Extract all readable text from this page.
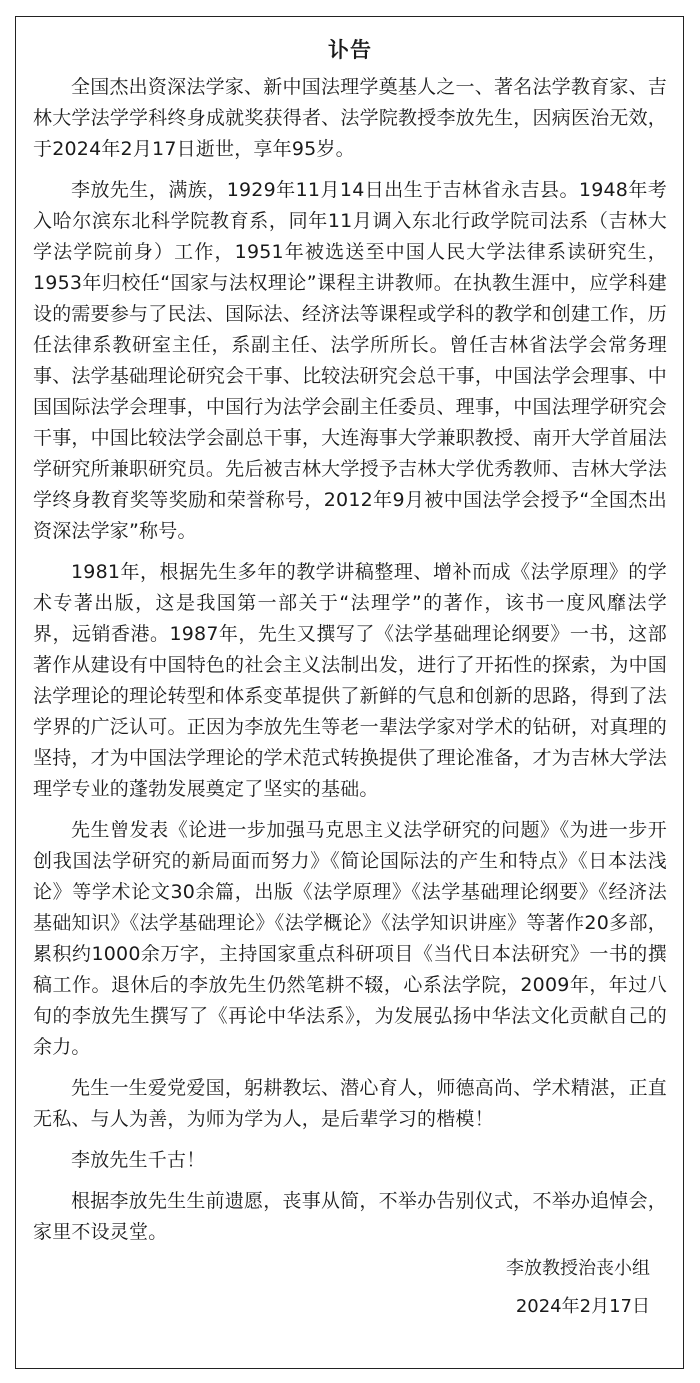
讣告

全国杰出资深法学家、新中国法理学奠基人之一、著名法学教育家、吉林大学法学学科终身成就奖获得者、法学院教授李放先生，因病医治无效，于2024年2月17日逝世，享年95岁。

李放先生，满族，1929年11月14日出生于吉林省永吉县。1948年考入哈尔滨东北科学院教育系，同年11月调入东北行政学院司法系（吉林大学法学院前身）工作，1951年被选送至中国人民大学法律系读研究生，1953年归校任“国家与法权理论”课程主讲教师。在执教生涯中，应学科建设的需要参与了民法、国际法、经济法等课程或学科的教学和创建工作，历任法律系教研室主任，系副主任、法学所所长。曾任吉林省法学会常务理事、法学基础理论研究会干事、比较法研究会总干事，中国法学会理事、中国国际法学会理事，中国行为法学会副主任委员、理事，中国法理学研究会干事，中国比较法学会副总干事，大连海事大学兼职教授、南开大学首届法学研究所兼职研究员。先后被吉林大学授予吉林大学优秀教师、吉林大学法学终身教育奖等奖励和荣誉称号，2012年9月被中国法学会授予“全国杰出资深法学家”称号。

1981年，根据先生多年的教学讲稿整理、增补而成《法学原理》的学术专著出版，这是我国第一部关于“法理学”的著作，该书一度风靡法学界，远销香港。1987年，先生又撰写了《法学基础理论纲要》一书，这部著作从建设有中国特色的社会主义法制出发，进行了开拓性的探索，为中国法学理论的理论转型和体系变革提供了新鲜的气息和创新的思路，得到了法学界的广泛认可。正因为李放先生等老一辈法学家对学术的钻研，对真理的坚持，才为中国法学理论的学术范式转换提供了理论准备，才为吉林大学法理学专业的蓬勃发展奠定了坚实的基础。

先生曾发表《论进一步加强马克思主义法学研究的问题》《为进一步开创我国法学研究的新局面而努力》《简论国际法的产生和特点》《日本法浅论》等学术论文30余篇，出版《法学原理》《法学基础理论纲要》《经济法基础知识》《法学基础理论》《法学概论》《法学知识讲座》等著作20多部，累积约1000余万字，主持国家重点科研项目《当代日本法研究》一书的撰稿工作。退休后的李放先生仍然笔耕不辍，心系法学院，2009年，年过八旬的李放先生撰写了《再论中华法系》，为发展弘扬中华法文化贡献自己的余力。

先生一生爱党爱国，躬耕教坛、潜心育人，师德高尚、学术精湛，正直无私、与人为善，为师为学为人，是后辈学习的楷模！

李放先生千古！

根据李放先生生前遗愿，丧事从简，不举办告别仪式，不举办追悼会，家里不设灵堂。

李放教授治丧小组
2024年2月17日
